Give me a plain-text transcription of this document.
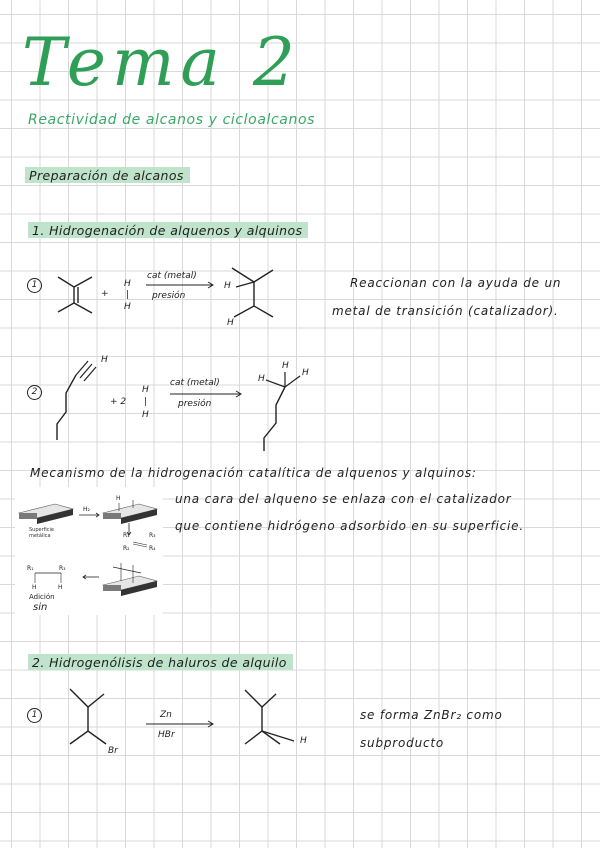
Tema 2
Reactividad de alcanos y cicloalcanos
Preparación de alcanos
1. Hidrogenación de alquenos y alquinos
1
+
H
|
H
cat (metal)
presión
H
H
Reaccionan con la ayuda de un
metal de transición (catalizador).
2
H
+ 2
H
|
H
cat (metal)
presión
H
H
H
Mecanismo de la hidrogenación catalítica de alquenos y alquinos:
una cara del alqueno se enlaza con el catalizador
que contiene hidrógeno adsorbido en su superficie.
Superficie metálica
H₂
H
R₁
R₂
R₃
R₄
R₁	R₃
H	H
Adición
sin
2. Hidrogenólisis de haluros de alquilo
1
Br
Zn
HBr
H
se forma ZnBr₂ como
subproducto
